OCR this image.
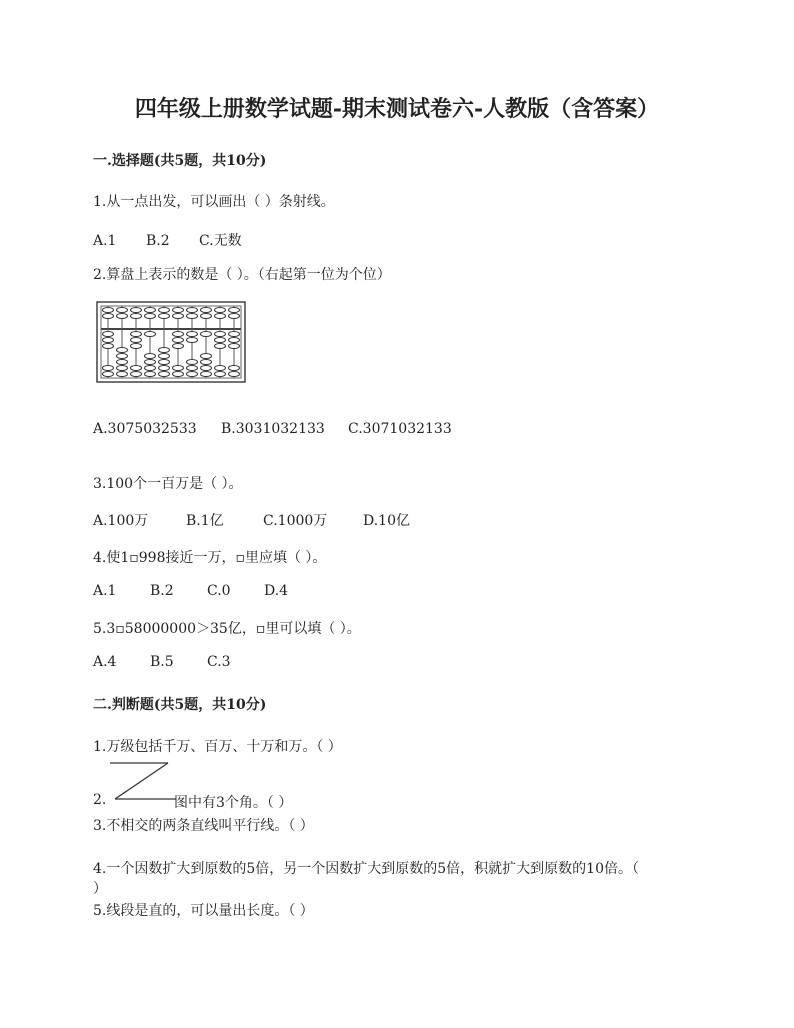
四年级上册数学试题-期末测试卷六-人教版（含答案）
一.选择题(共5题，共10分)
1.从一点出发，可以画出（ ）条射线。
A.1 B.2 C.无数
2.算盘上表示的数是（ ）。（右起第一位为个位）
A.3075032533 B.3031032133 C.3071032133
3.100个一百万是（ ）。
A.100万	B.1亿	C.1000万	D.10亿
4.使1▫998接近一万，▫里应填（ ）。
A.1 B.2 C.0 D.4
5.3▫58000000＞35亿，▫里可以填（ ）。
A.4 B.5 C.3
二.判断题(共5题，共10分)
1.万级包括千万、百万、十万和万。（ ）
2.	图中有3个角。（ ）
3.不相交的两条直线叫平行线。（ ）
4.一个因数扩大到原数的5倍，另一个因数扩大到原数的5倍，积就扩大到原数的10倍。（
）
5.线段是直的，可以量出长度。（ ）
